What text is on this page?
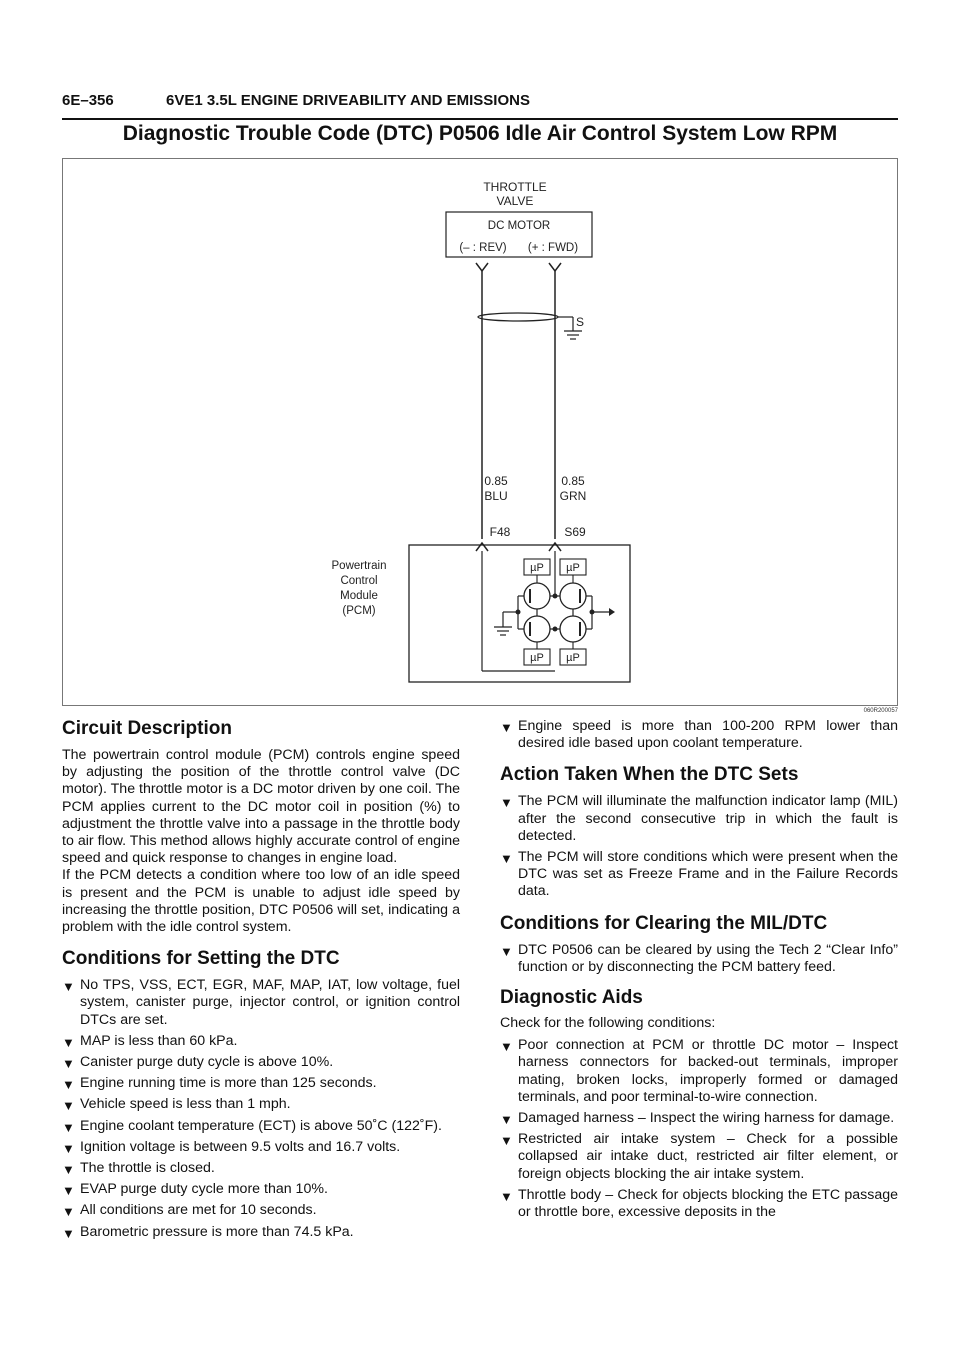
6E–356	6VE1 3.5L ENGINE DRIVEABILITY AND EMISSIONS
Diagnostic Trouble Code (DTC) P0506 Idle Air Control System Low RPM
THROTTLE
VALVE
DC MOTOR
(– : REV) (+ : FWD)
S
0.85
BLU
0.85
GRN
F48	S69
Powertrain
Control
Module
(PCM)
µP µP
µP µP
060R200057
Circuit Description

The powertrain control module (PCM) controls engine speed by adjusting the position of the throttle control valve (DC motor). The throttle motor is a DC motor driven by one coil. The PCM applies current to the DC motor coil in position (%) to adjustment the throttle valve into a passage in the throttle body to air flow. This method allows highly accurate control of engine speed and quick response to changes in engine load.

If the PCM detects a condition where too low of an idle speed is present and the PCM is unable to adjust idle speed by increasing the throttle position, DTC P0506 will set, indicating a problem with the idle control system.

Conditions for Setting the DTC
▼ No TPS, VSS, ECT, EGR, MAF, MAP, IAT, low voltage, fuel system, canister purge, injector control, or ignition control DTCs are set.
▼ MAP is less than 60 kPa.
▼ Canister purge duty cycle is above 10%.
▼ Engine running time is more than 125 seconds.
▼ Vehicle speed is less than 1 mph.
▼ Engine coolant temperature (ECT) is above 50˚C (122˚F).
▼ Ignition voltage is between 9.5 volts and 16.7 volts.
▼ The throttle is closed.
▼ EVAP purge duty cycle more than 10%.
▼ All conditions are met for 10 seconds.
▼ Barometric pressure is more than 74.5 kPa.
▼ Engine speed is more than 100-200 RPM lower than desired idle based upon coolant temperature.
Action Taken When the DTC Sets
▼ The PCM will illuminate the malfunction indicator lamp (MIL) after the second consecutive trip in which the fault is detected.
▼ The PCM will store conditions which were present when the DTC was set as Freeze Frame and in the Failure Records data.
Conditions for Clearing the MIL/DTC
▼ DTC P0506 can be cleared by using the Tech 2 “Clear Info” function or by disconnecting the PCM battery feed.
Diagnostic Aids

Check for the following conditions:

▼ Poor connection at PCM or throttle DC motor – Inspect harness connectors for backed-out terminals, improper mating, broken locks, improperly formed or damaged terminals, and poor terminal-to-wire connection.
▼ Damaged harness – Inspect the wiring harness for damage.
▼ Restricted air intake system – Check for a possible collapsed air intake duct, restricted air filter element, or foreign objects blocking the air intake system.
▼ Throttle body – Check for objects blocking the ETC passage or throttle bore, excessive deposits in the
